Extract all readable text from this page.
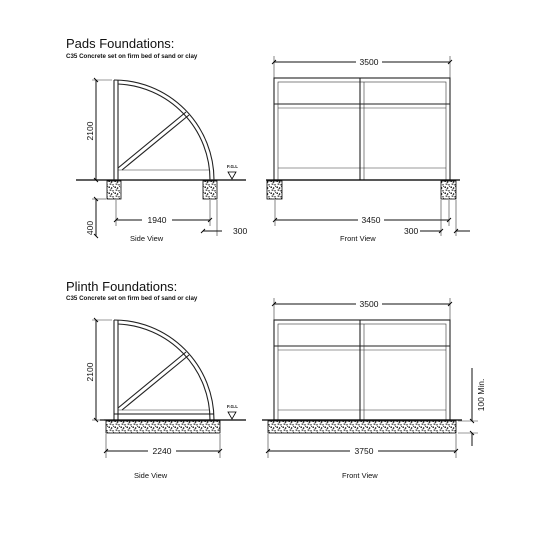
Pads Foundations:
C35 Concrete set on firm bed of sand or clay
F.G.L
2100
400
1940
300
Side View
3500
3450
300
Front View
Plinth Foundations:
C35 Concrete set on firm bed of sand or clay
F.G.L
2100
2240
Side View
3500
3750
100 Min.
Front View
